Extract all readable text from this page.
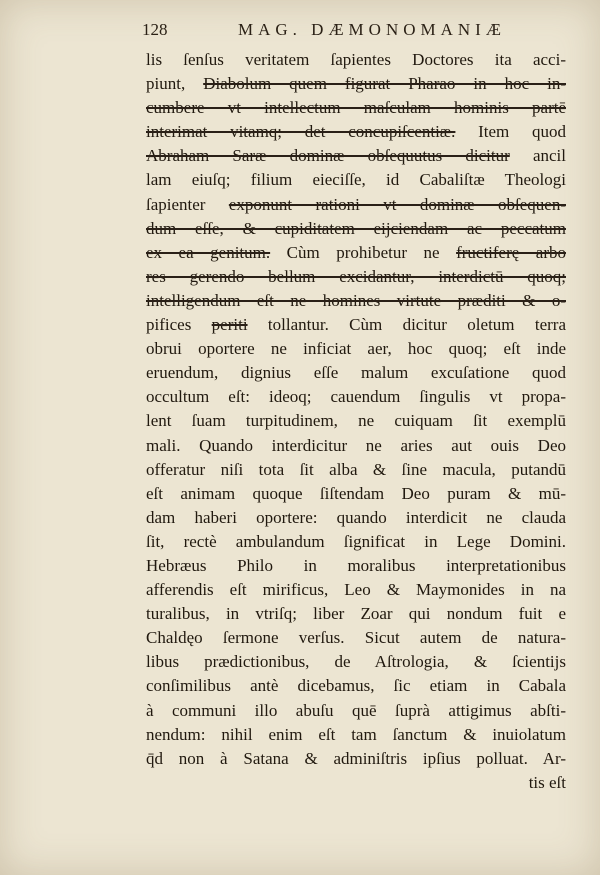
128	MAG. DÆMONOMANIÆ
lis ſenſus veritatem ſapientes Doctores ita acci-
piunt, Diabolum quem figurat Pharao in hoc in-
cumbere vt intellectum maſculam hominis partē
interimat vitamq; det concupiſcentiæ. Item quod
Abraham Saræ dominæ obſequutus dicitur ancil
lam eiuſq; filium eieciſſe, id Cabaliſtæ Theologi
ſapienter exponunt rationi vt dominæ obſequen-
dum eſſe, & cupiditatem eijciendam ac peccatum
ex ea genitum. Cùm prohibetur ne fructiferę arbo
res gerendo bellum excidantur, interdictū quoq;
intelligendum eſt ne homines virtute præditi & o-
pifices periti tollantur. Cùm dicitur oletum terra
obrui oportere ne inficiat aer, hoc quoq; eſt inde
eruendum, dignius eſſe malum excuſatione quod
occultum eſt: ideoq; cauendum ſingulis vt propa-
lent ſuam turpitudinem, ne cuiquam ſit exemplū
mali. Quando interdicitur ne aries aut ouis Deo
offeratur niſi tota ſit alba & ſine macula, putandū
eſt animam quoque ſiſtendam Deo puram & mū-
dam haberi oportere: quando interdicit ne clauda
ſit, rectè ambulandum ſignificat in Lege Domini.
Hebræus Philo in moralibus interpretationibus
afferendis eſt mirificus, Leo & Maymonides in na
turalibus, in vtriſq; liber Zoar qui nondum fuit e
Chaldęo ſermone verſus. Sicut autem de natura-
libus prædictionibus, de Aſtrologia, & ſcientijs
conſimilibus antè dicebamus, ſic etiam in Cabala
à communi illo abuſu quē ſuprà attigimus abſti-
nendum: nihil enim eſt tam ſanctum & inuiolatum
q̄d non à Satana & adminiſtris ipſius polluat. Ar-
tis eſt
